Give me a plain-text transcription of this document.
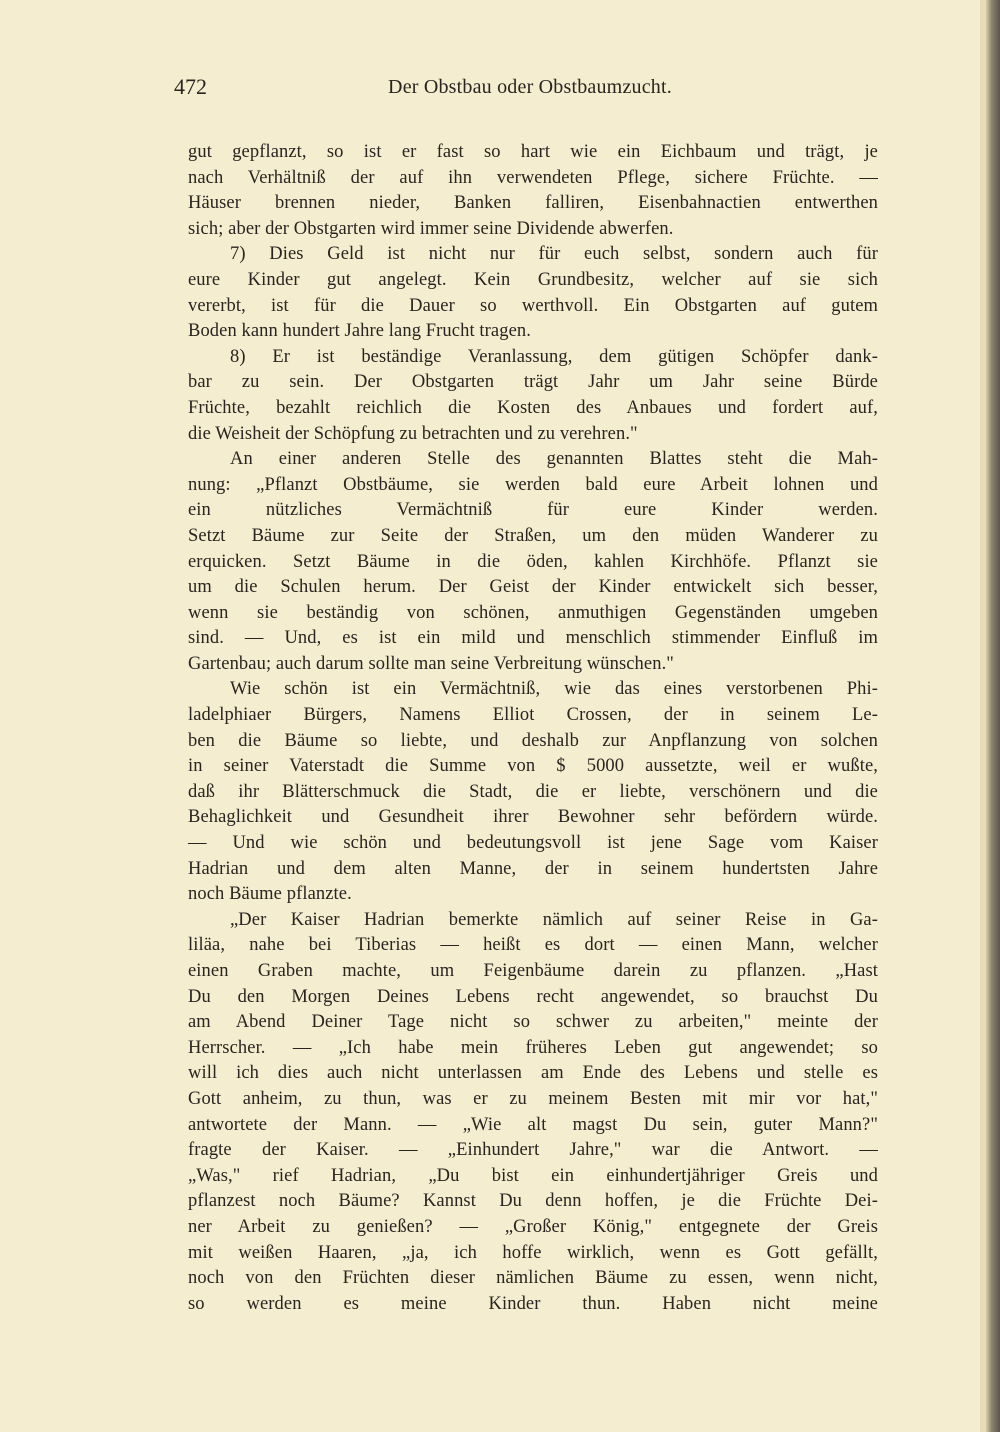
472	Der Obstbau oder Obstbaumzucht.
gut gepflanzt, so ist er fast so hart wie ein Eichbaum und trägt, je
nach Verhältniß der auf ihn verwendeten Pflege, sichere Früchte. —
Häuser brennen nieder, Banken falliren, Eisenbahnactien entwerthen
sich; aber der Obstgarten wird immer seine Dividende abwerfen.
7) Dies Geld ist nicht nur für euch selbst, sondern auch für
eure Kinder gut angelegt. Kein Grundbesitz, welcher auf sie sich
vererbt, ist für die Dauer so werthvoll. Ein Obstgarten auf gutem
Boden kann hundert Jahre lang Frucht tragen.
8) Er ist beständige Veranlassung, dem gütigen Schöpfer dank-
bar zu sein. Der Obstgarten trägt Jahr um Jahr seine Bürde
Früchte, bezahlt reichlich die Kosten des Anbaues und fordert auf,
die Weisheit der Schöpfung zu betrachten und zu verehren."
An einer anderen Stelle des genannten Blattes steht die Mah-
nung: „Pflanzt Obstbäume, sie werden bald eure Arbeit lohnen und
ein nützliches Vermächtniß für eure Kinder werden.
Setzt Bäume zur Seite der Straßen, um den müden Wanderer zu
erquicken. Setzt Bäume in die öden, kahlen Kirchhöfe. Pflanzt sie
um die Schulen herum. Der Geist der Kinder entwickelt sich besser,
wenn sie beständig von schönen, anmuthigen Gegenständen umgeben
sind. — Und, es ist ein mild und menschlich stimmender Einfluß im
Gartenbau; auch darum sollte man seine Verbreitung wünschen."
Wie schön ist ein Vermächtniß, wie das eines verstorbenen Phi-
ladelphiaer Bürgers, Namens Elliot Crossen, der in seinem Le-
ben die Bäume so liebte, und deshalb zur Anpflanzung von solchen
in seiner Vaterstadt die Summe von $ 5000 aussetzte, weil er wußte,
daß ihr Blätterschmuck die Stadt, die er liebte, verschönern und die
Behaglichkeit und Gesundheit ihrer Bewohner sehr befördern würde.
— Und wie schön und bedeutungsvoll ist jene Sage vom Kaiser
Hadrian und dem alten Manne, der in seinem hundertsten Jahre
noch Bäume pflanzte.
„Der Kaiser Hadrian bemerkte nämlich auf seiner Reise in Ga-
liläa, nahe bei Tiberias — heißt es dort — einen Mann, welcher
einen Graben machte, um Feigenbäume darein zu pflanzen. „Hast
Du den Morgen Deines Lebens recht angewendet, so brauchst Du
am Abend Deiner Tage nicht so schwer zu arbeiten," meinte der
Herrscher. — „Ich habe mein früheres Leben gut angewendet; so
will ich dies auch nicht unterlassen am Ende des Lebens und stelle es
Gott anheim, zu thun, was er zu meinem Besten mit mir vor hat,"
antwortete der Mann. — „Wie alt magst Du sein, guter Mann?"
fragte der Kaiser. — „Einhundert Jahre," war die Antwort. —
„Was," rief Hadrian, „Du bist ein einhundertjähriger Greis und
pflanzest noch Bäume? Kannst Du denn hoffen, je die Früchte Dei-
ner Arbeit zu genießen? — „Großer König," entgegnete der Greis
mit weißen Haaren, „ja, ich hoffe wirklich, wenn es Gott gefällt,
noch von den Früchten dieser nämlichen Bäume zu essen, wenn nicht,
so werden es meine Kinder thun. Haben nicht meine
